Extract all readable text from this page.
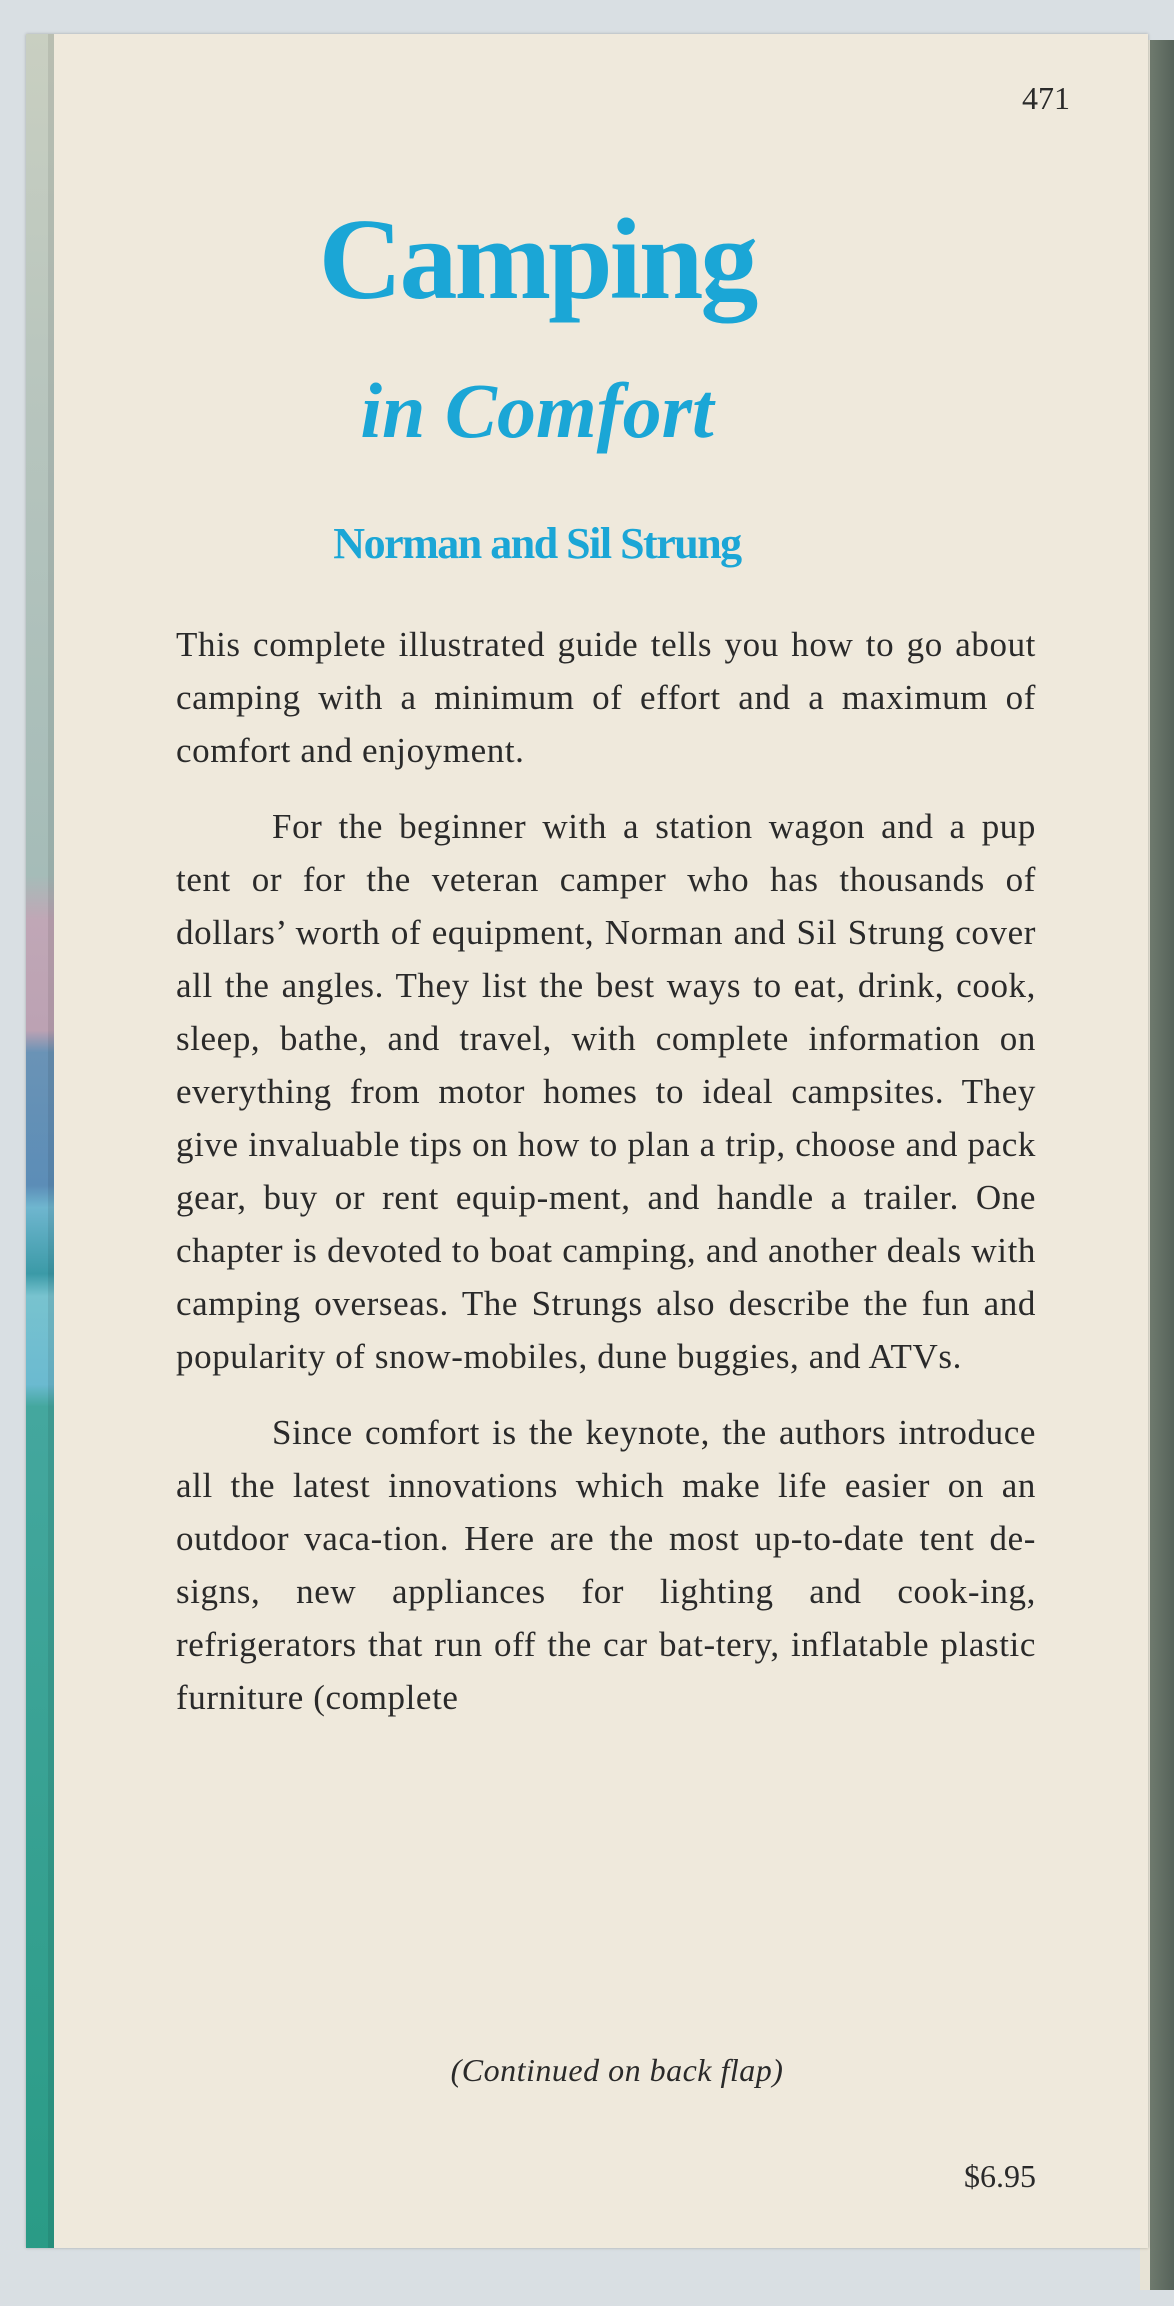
471
Camping
in Comfort
Norman and Sil Strung

This complete illustrated guide tells you how to go about camping with a minimum of effort and a maximum of comfort and enjoyment.

For the beginner with a station wagon and a pup tent or for the veteran camper who has thousands of dollars’ worth of equipment, Norman and Sil Strung cover all the angles. They list the best ways to eat, drink, cook, sleep, bathe, and travel, with complete information on everything from motor homes to ideal campsites. They give invaluable tips on how to plan a trip, choose and pack gear, buy or rent equip-ment, and handle a trailer. One chapter is devoted to boat camping, and another deals with camping overseas. The Strungs also describe the fun and popularity of snow-mobiles, dune buggies, and ATVs.

Since comfort is the keynote, the authors introduce all the latest innovations which make life easier on an outdoor vaca-tion. Here are the most up-to-date tent de-signs, new appliances for lighting and cook-ing, refrigerators that run off the car bat-tery, inflatable plastic furniture (complete

(Continued on back flap)
$6.95
